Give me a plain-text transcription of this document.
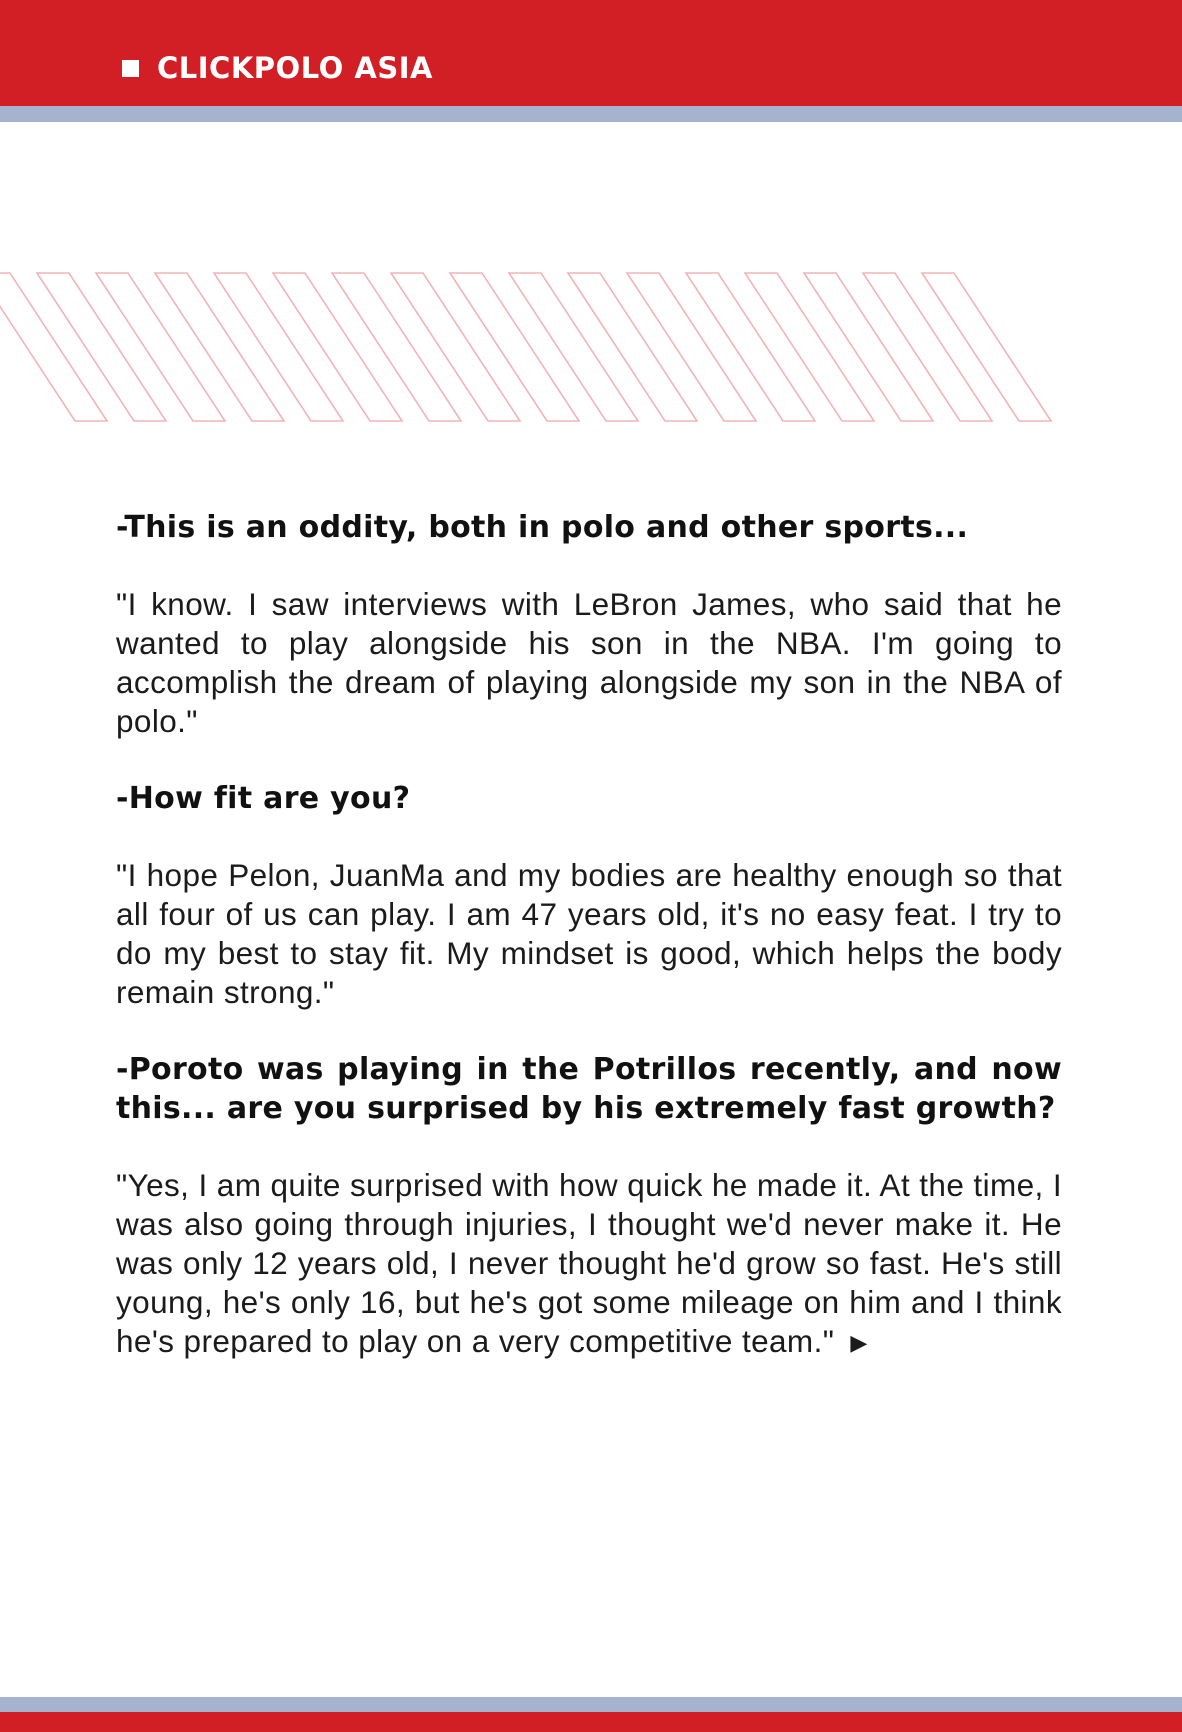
CLICKPOLO ASIA

-This is an oddity, both in polo and other sports...

"I know. I saw interviews with LeBron James, who said that he wanted to play alongside his son in the NBA. I'm going to accomplish the dream of playing alongside my son in the NBA of polo."

-How fit are you?

"I hope Pelon, JuanMa and my bodies are healthy enough so that all four of us can play. I am 47 years old, it's no easy feat. I try to do my best to stay fit. My mindset is good, which helps the body remain strong."

-Poroto was playing in the Potrillos recently, and now this... are you surprised by his extremely fast growth?

"Yes, I am quite surprised with how quick he made it. At the time, I was also going through injuries, I thought we'd never make it. He was only 12 years old, I never thought he'd grow so fast. He's still young, he's only 16, but he's got some mileage on him and I think he's prepared to play on a very competitive team." ▶
